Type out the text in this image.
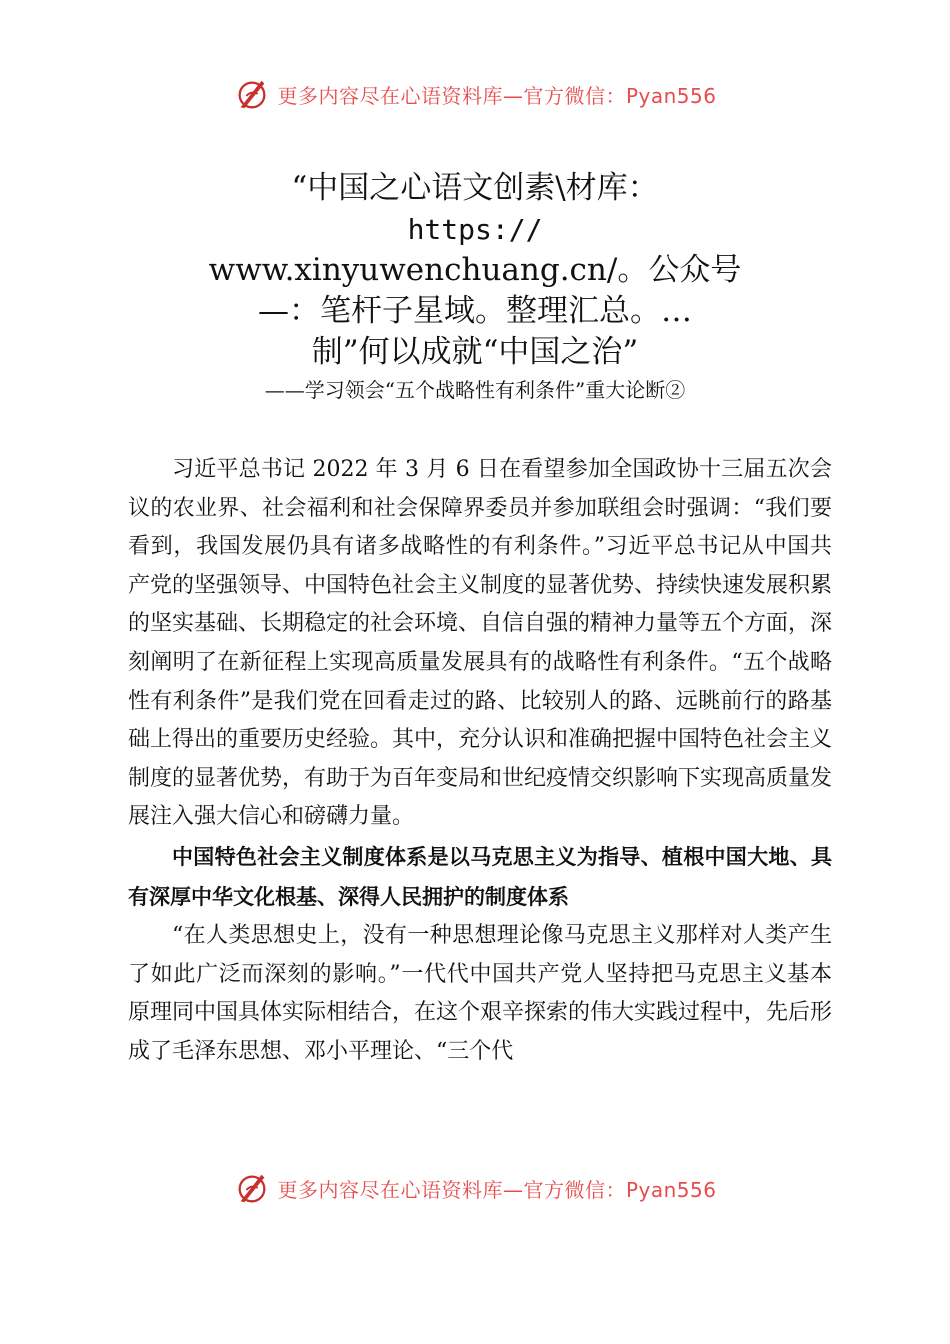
更多内容尽在心语资料库—官方微信：Pyan556
“中国之心语文创素\材库：
https://
www.xinyuwenchuang.cn/。公众号
—：笔杆子星域。整理汇总。…
制”何以成就“中国之治”
——学习领会“五个战略性有利条件”重大论断②

习近平总书记 2022 年 3 月 6 日在看望参加全国政协十三届五次会议的农业界、社会福利和社会保障界委员并参加联组会时强调：“我们要看到，我国发展仍具有诸多战略性的有利条件。”习近平总书记从中国共产党的坚强领导、中国特色社会主义制度的显著优势、持续快速发展积累的坚实基础、长期稳定的社会环境、自信自强的精神力量等五个方面，深刻阐明了在新征程上实现高质量发展具有的战略性有利条件。“五个战略性有利条件”是我们党在回看走过的路、比较别人的路、远眺前行的路基础上得出的重要历史经验。其中，充分认识和准确把握中国特色社会主义制度的显著优势，有助于为百年变局和世纪疫情交织影响下实现高质量发展注入强大信心和磅礴力量。

中国特色社会主义制度体系是以马克思主义为指导、植根中国大地、具有深厚中华文化根基、深得人民拥护的制度体系

“在人类思想史上，没有一种思想理论像马克思主义那样对人类产生了如此广泛而深刻的影响。”一代代中国共产党人坚持把马克思主义基本原理同中国具体实际相结合，在这个艰辛探索的伟大实践过程中，先后形成了毛泽东思想、邓小平理论、“三个代

更多内容尽在心语资料库—官方微信：Pyan556
